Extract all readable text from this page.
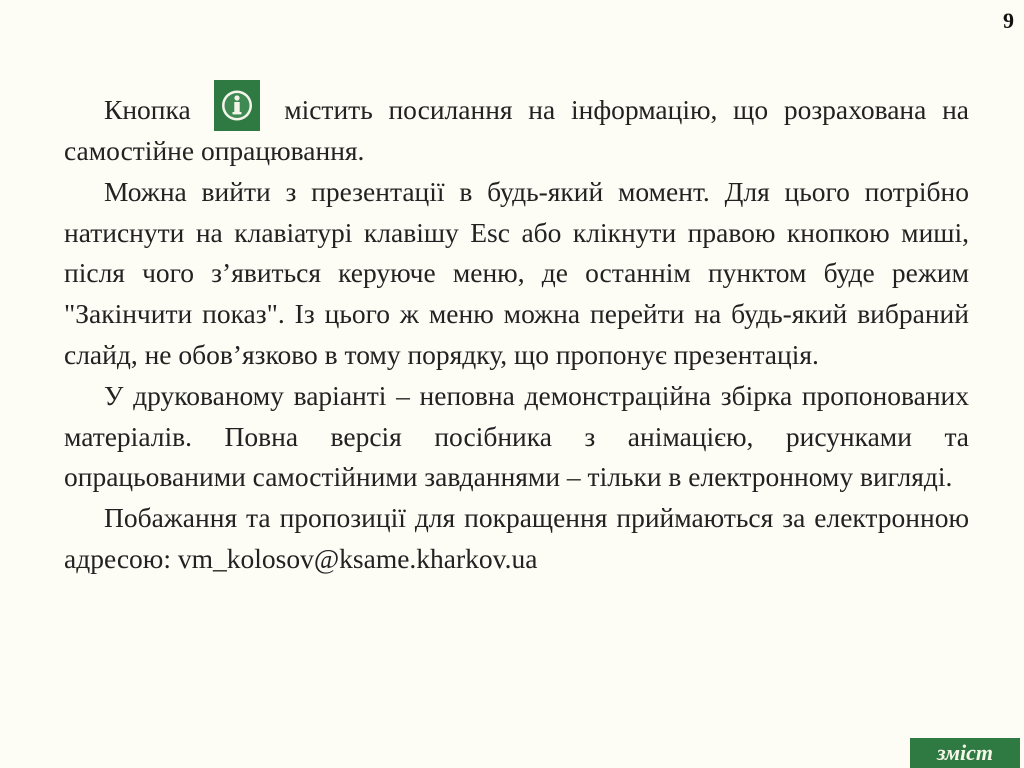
9

Кнопка	містить посилання на інформацію, що розрахована на самостійне опрацювання.

Можна вийти з презентації в будь-який момент. Для цього потрібно натиснути на клавіатурі клавішу Esc або клікнути правою кнопкою миші, після чого з’явиться керуюче меню, де останнім пунктом буде режим "Закінчити показ". Із цього ж меню можна перейти на будь-який вибраний слайд, не обов’язково в тому порядку, що пропонує презентація.

У друкованому варіанті – неповна демонстраційна збірка пропонованих матеріалів. Повна версія посібника з анімацією, рисунками та опрацьованими самостійними завданнями – тільки в електронному вигляді.

Побажання та пропозиції для покращення приймаються за електронною адресою: vm_kolosov@ksame.kharkov.ua

зміст
